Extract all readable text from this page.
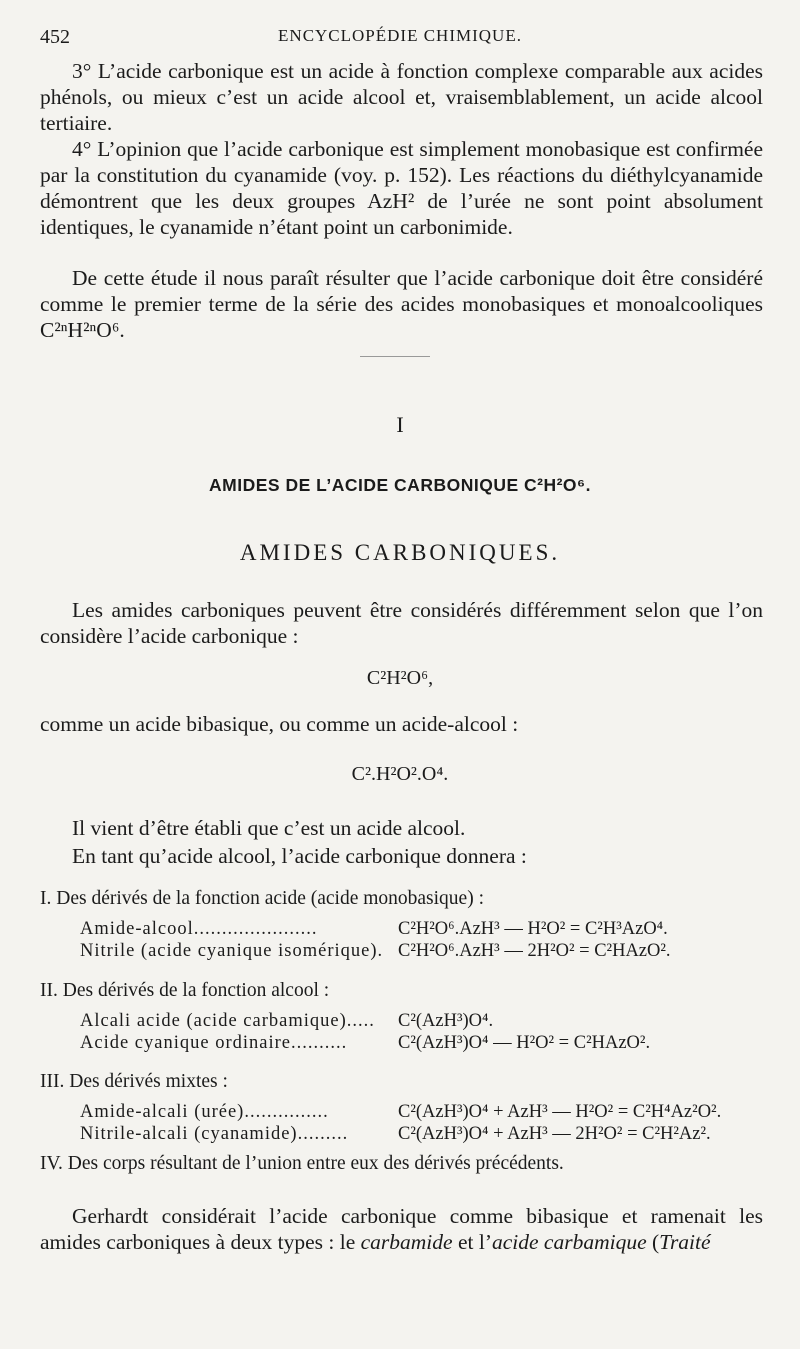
452	ENCYCLOPÉDIE CHIMIQUE.

3° L’acide carbonique est un acide à fonction complexe comparable aux acides phénols, ou mieux c’est un acide alcool et, vraisemblablement, un acide alcool tertiaire.

4° L’opinion que l’acide carbonique est simplement monobasique est confirmée par la constitution du cyanamide (voy. p. 152). Les réactions du diéthylcyanamide démontrent que les deux groupes AzH² de l’urée ne sont point absolument identiques, le cyanamide n’étant point un carbonimide.

De cette étude il nous paraît résulter que l’acide carbonique doit être considéré comme le premier terme de la série des acides monobasiques et monoalcooliques C²ⁿH²ⁿO⁶.

I
AMIDES DE L’ACIDE CARBONIQUE C²H²O⁶.
AMIDES CARBONIQUES.

Les amides carboniques peuvent être considérés différemment selon que l’on considère l’acide carbonique :

C²H²O⁶,

comme un acide bibasique, ou comme un acide-alcool :

C².H²O².O⁴.

Il vient d’être établi que c’est un acide alcool.

En tant qu’acide alcool, l’acide carbonique donnera :

I. Des dérivés de la fonction acide (acide monobasique) :
Amide-alcool......................	C²H²O⁶.AzH³ — H²O² = C²H³AzO⁴.
Nitrile (acide cyanique isomérique). C²H²O⁶.AzH³ — 2H²O² = C²HAzO².
II. Des dérivés de la fonction alcool :
Alcali acide (acide carbamique)..... C²(AzH³)O⁴.
Acide cyanique ordinaire..........	C²(AzH³)O⁴ — H²O² = C²HAzO².
III. Des dérivés mixtes :
Amide-alcali (urée)...............	C²(AzH³)O⁴ + AzH³ — H²O² = C²H⁴Az²O².
Nitrile-alcali (cyanamide).........	C²(AzH³)O⁴ + AzH³ — 2H²O² = C²H²Az².
IV. Des corps résultant de l’union entre eux des dérivés précédents.

Gerhardt considérait l’acide carbonique comme bibasique et ramenait les amides carboniques à deux types : le carbamide et l’acide carbamique (Traité
